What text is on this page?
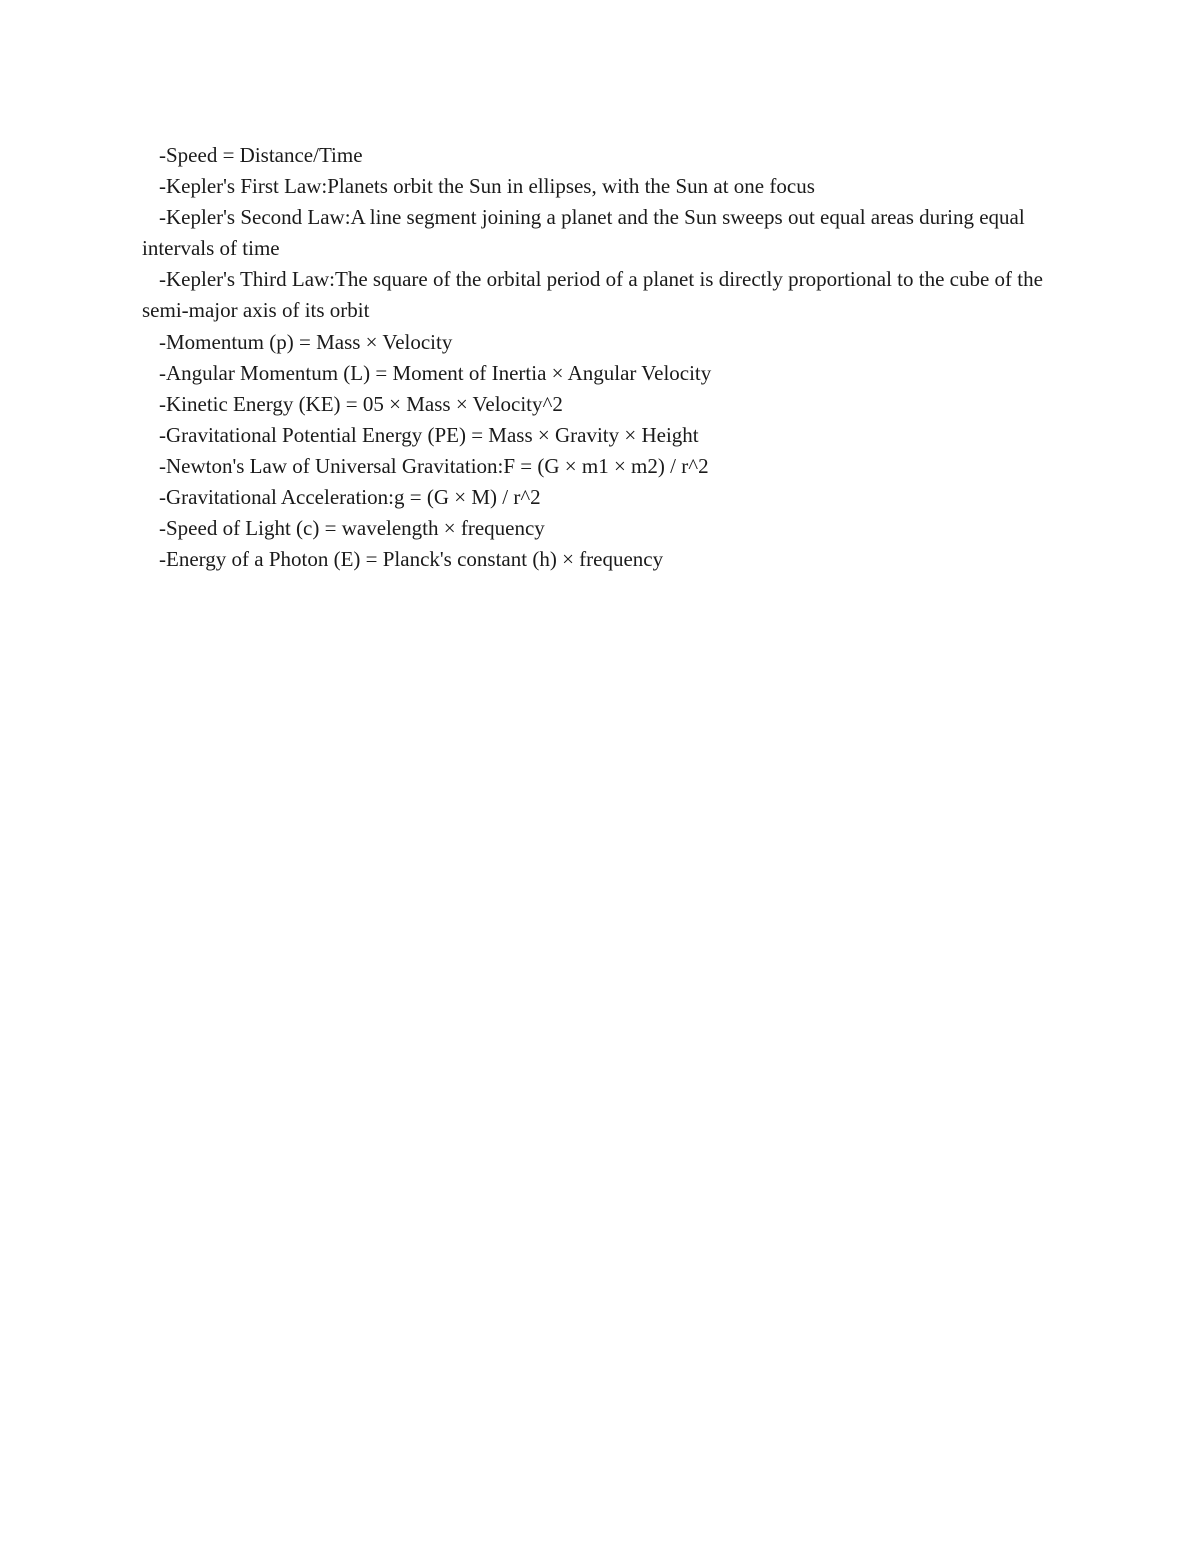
-Speed = Distance/Time

-Kepler's First Law:Planets orbit the Sun in ellipses, with the Sun at one focus

-Kepler's Second Law:A line segment joining a planet and the Sun sweeps out equal areas during equal intervals of time

-Kepler's Third Law:The square of the orbital period of a planet is directly proportional to the cube of the semi-major axis of its orbit

-Momentum (p) = Mass × Velocity

-Angular Momentum (L) = Moment of Inertia × Angular Velocity

-Kinetic Energy (KE) = 05 × Mass × Velocity^2

-Gravitational Potential Energy (PE) = Mass × Gravity × Height

-Newton's Law of Universal Gravitation:F = (G × m1 × m2) / r^2

-Gravitational Acceleration:g = (G × M) / r^2

-Speed of Light (c) = wavelength × frequency

-Energy of a Photon (E) = Planck's constant (h) × frequency
